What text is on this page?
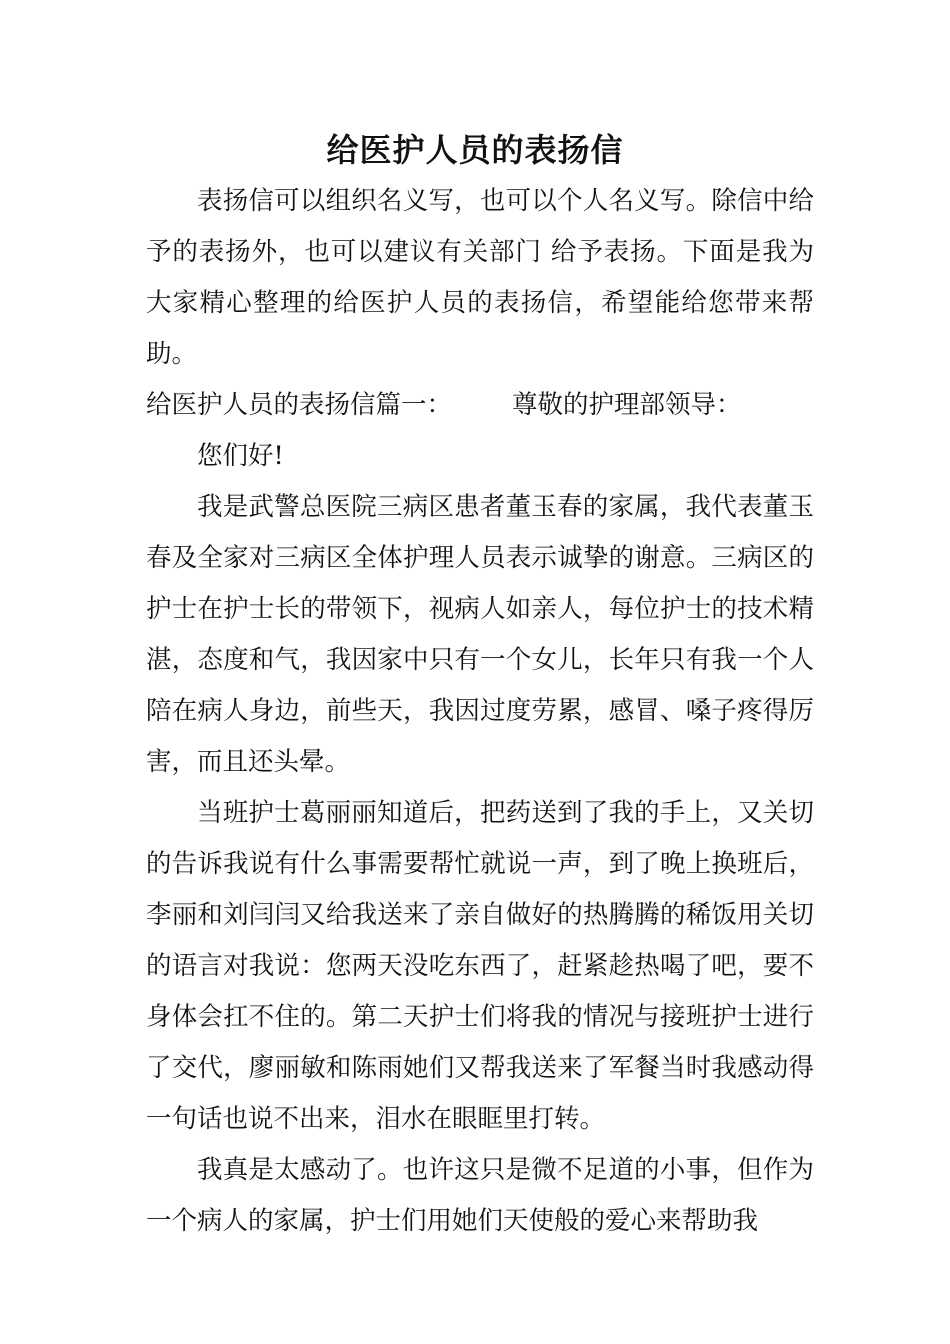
给医护人员的表扬信

表扬信可以组织名义写，也可以个人名义写。除信中给予的表扬外，也可以建议有关部门 给予表扬。下面是我为大家精心整理的给医护人员的表扬信，希望能给您带来帮助。

给医护人员的表扬信篇一： 尊敬的护理部领导：

您们好!

我是武警总医院三病区患者董玉春的家属，我代表董玉春及全家对三病区全体护理人员表示诚挚的谢意。三病区的护士在护士长的带领下，视病人如亲人，每位护士的技术精湛，态度和气，我因家中只有一个女儿，长年只有我一个人陪在病人身边，前些天，我因过度劳累，感冒、嗓子疼得厉害，而且还头晕。

当班护士葛丽丽知道后，把药送到了我的手上，又关切的告诉我说有什么事需要帮忙就说一声，到了晚上换班后，李丽和刘闫闫又给我送来了亲自做好的热腾腾的稀饭用关切的语言对我说：您两天没吃东西了，赶紧趁热喝了吧，要不身体会扛不住的。第二天护士们将我的情况与接班护士进行了交代，廖丽敏和陈雨她们又帮我送来了军餐当时我感动得一句话也说不出来，泪水在眼眶里打转。

我真是太感动了。也许这只是微不足道的小事，但作为一个病人的家属，护士们用她们天使般的爱心来帮助我
